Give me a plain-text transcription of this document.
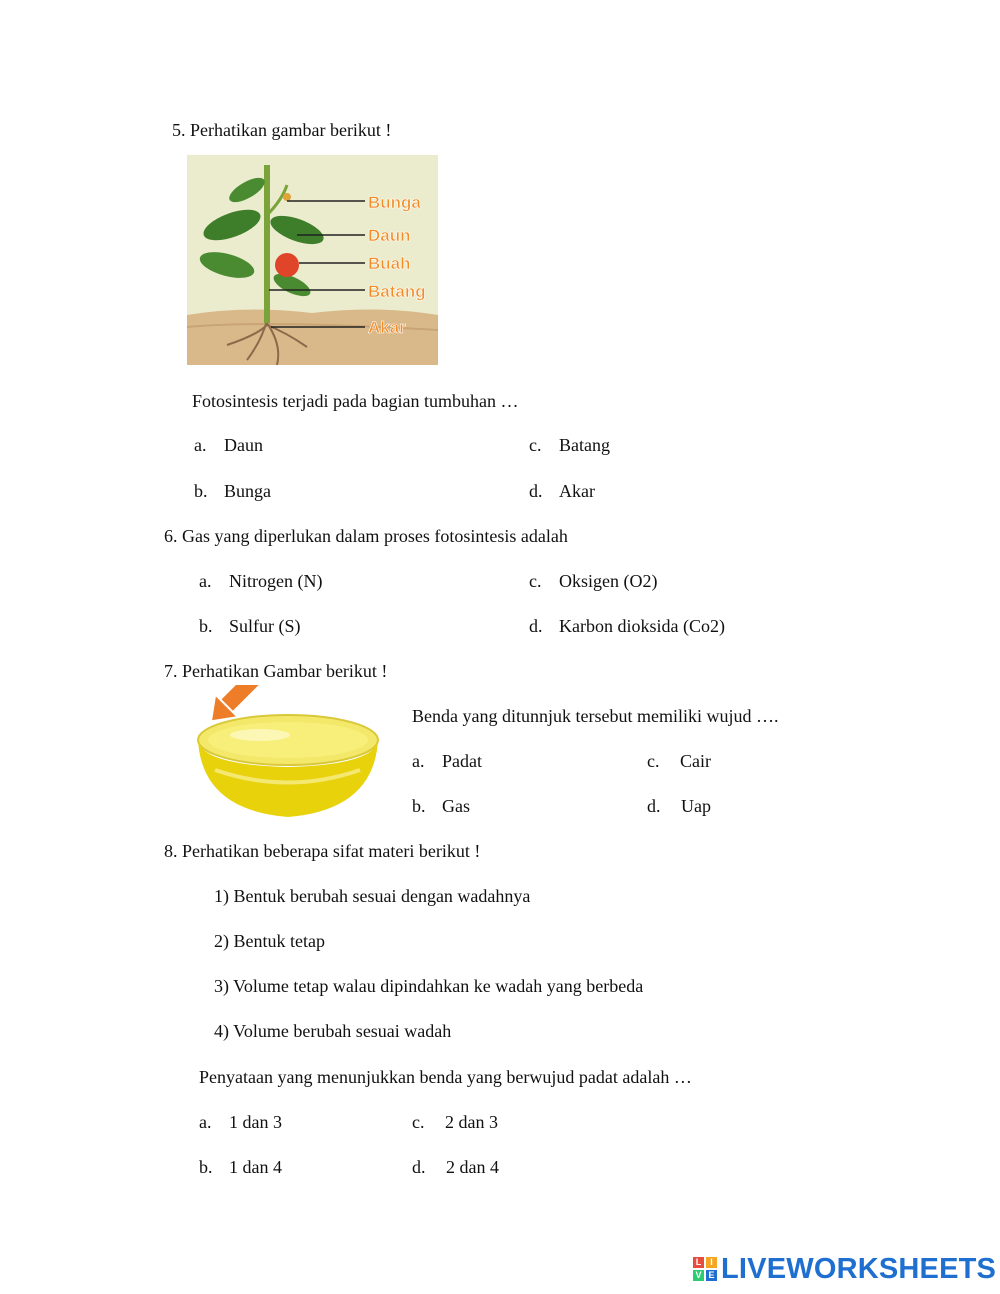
5. Perhatikan gambar berikut !
Bunga
Daun
Buah
Batang
Akar
Fotosintesis terjadi pada bagian tumbuhan …
a. Daun
b. Bunga
c. Batang
d. Akar
6. Gas yang diperlukan dalam proses fotosintesis adalah
a. Nitrogen (N)
b. Sulfur (S)
c. Oksigen (O2)
d. Karbon dioksida (Co2)
7. Perhatikan Gambar berikut !
Benda yang ditunnjuk tersebut memiliki wujud ….
a. Padat
b. Gas
c. Cair
d. Uap
8. Perhatikan beberapa sifat materi berikut !
1) Bentuk berubah sesuai dengan wadahnya
2) Bentuk tetap
3) Volume tetap walau dipindahkan ke wadah yang berbeda
4) Volume berubah sesuai wadah
Penyataan yang menunjukkan benda yang berwujud padat adalah …
a. 1 dan 3
b. 1 dan 4
c. 2 dan 3
d. 2 dan 4
L I
V E LIVEWORKSHEETS
